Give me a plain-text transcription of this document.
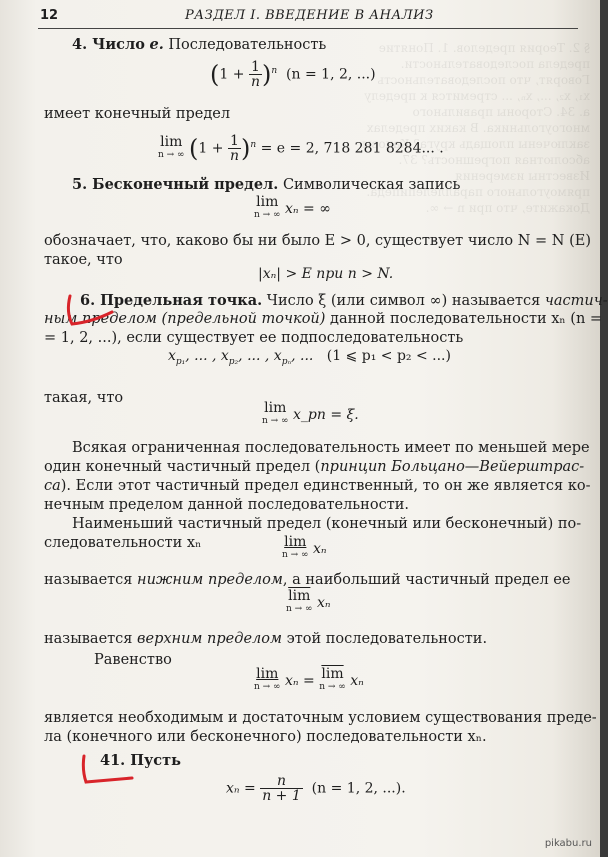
§ 2. Теория пределов. 1. Понятие предела последовательности. Говорят, что последовательность x₁, x₂, ..., xₙ, ... стремится к пределу a. 34. Стороны правильного многоугольника. В каких пределах заключены площадь круга? Каковы абсолютная погрешность? 37. Известны измерения прямоугольного параллелепипеда. Докажите, что при n → ∞.
12	РАЗДЕЛ I. ВВЕДЕНИЕ В АНАЛИЗ
4. Число e. Последовательность
$(1 + \frac{1}{n} )^n$ (n = 1, 2, ...)
имеет конечный предел
lim
n → ∞ $(1 + \frac{1}{n} )^n = e = 2$, 718 281 8284... .
5. Бесконечный предел. Символическая запись
lim
n → ∞ xₙ = ∞
обозначает, что, каково бы ни было E > 0, существует число N = N (E)
такое, что
|xₙ| > E при n > N.
6. Предельная точка. Число ξ (или символ ∞) называется частич-
ным пределом (предельной точкой) данной последовательности xₙ (n =
= 1, 2, ...), если существует ее подпоследовательность
$x_{p_1}$, ... , $x_{p_2}$, ... , $x_{p_n}$, ... (1 ⩽ p₁ < p₂ < ...)
такая, что
lim
n → ∞ x_pn = ξ.
Всякая ограниченная последовательность имеет по меньшей мере
один конечный частичный предел (принцип Больцано—Вейерштрас-
са). Если этот частичный предел единственный, то он же является ко-
нечным пределом данной последовательности.
Наименьший частичный предел (конечный или бесконечный) по-
следовательности xₙ	lim
n → ∞ xₙ
называется нижним пределом, а наибольший частичный предел ее
$\overline{lim}$
n → ∞ xₙ
называется верхним пределом этой последовательности.
Равенство
lim
n → ∞ $x_n = \overline{lim}$
n → ∞ xₙ
является необходимым и достаточным условием существования преде-
ла (конечного или бесконечного) последовательности xₙ.
41. Пусть
$x_n = \frac{n}{n + 1} (n = 1$, 2, ...).
pikabu.ru
